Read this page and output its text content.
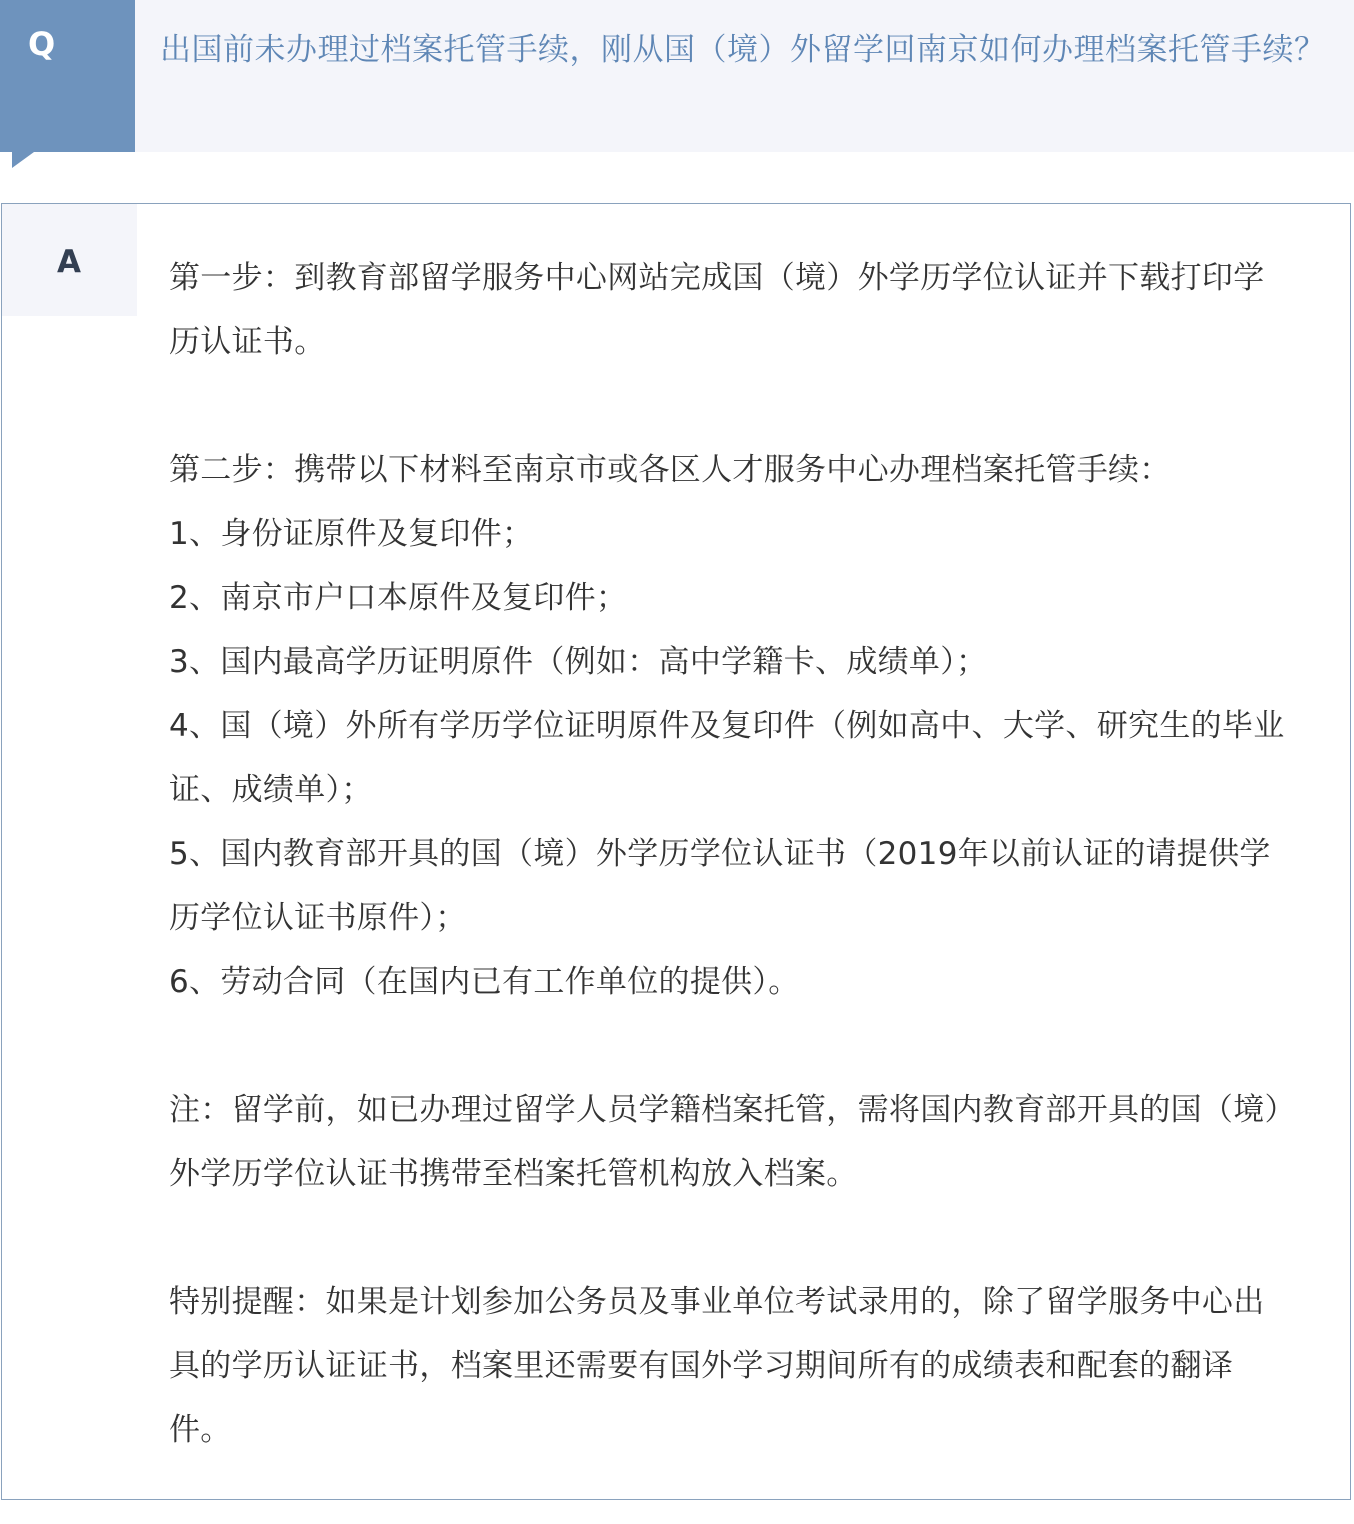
Q	出国前未办理过档案托管手续，刚从国（境）外留学回南京如何办理档案托管手续？
A	第一步：到教育部留学服务中心网站完成国（境）外学历学位认证并下载打印学历认证书。

第二步：携带以下材料至南京市或各区人才服务中心办理档案托管手续：

1、身份证原件及复印件；

2、南京市户口本原件及复印件；

3、国内最高学历证明原件（例如：高中学籍卡、成绩单）；

4、国（境）外所有学历学位证明原件及复印件（例如高中、大学、研究生的毕业证、成绩单）；

5、国内教育部开具的国（境）外学历学位认证书（2019年以前认证的请提供学历学位认证书原件）；

6、劳动合同（在国内已有工作单位的提供）。

注：留学前，如已办理过留学人员学籍档案托管，需将国内教育部开具的国（境）外学历学位认证书携带至档案托管机构放入档案。

特别提醒：如果是计划参加公务员及事业单位考试录用的，除了留学服务中心出具的学历认证证书，档案里还需要有国外学习期间所有的成绩表和配套的翻译件。
